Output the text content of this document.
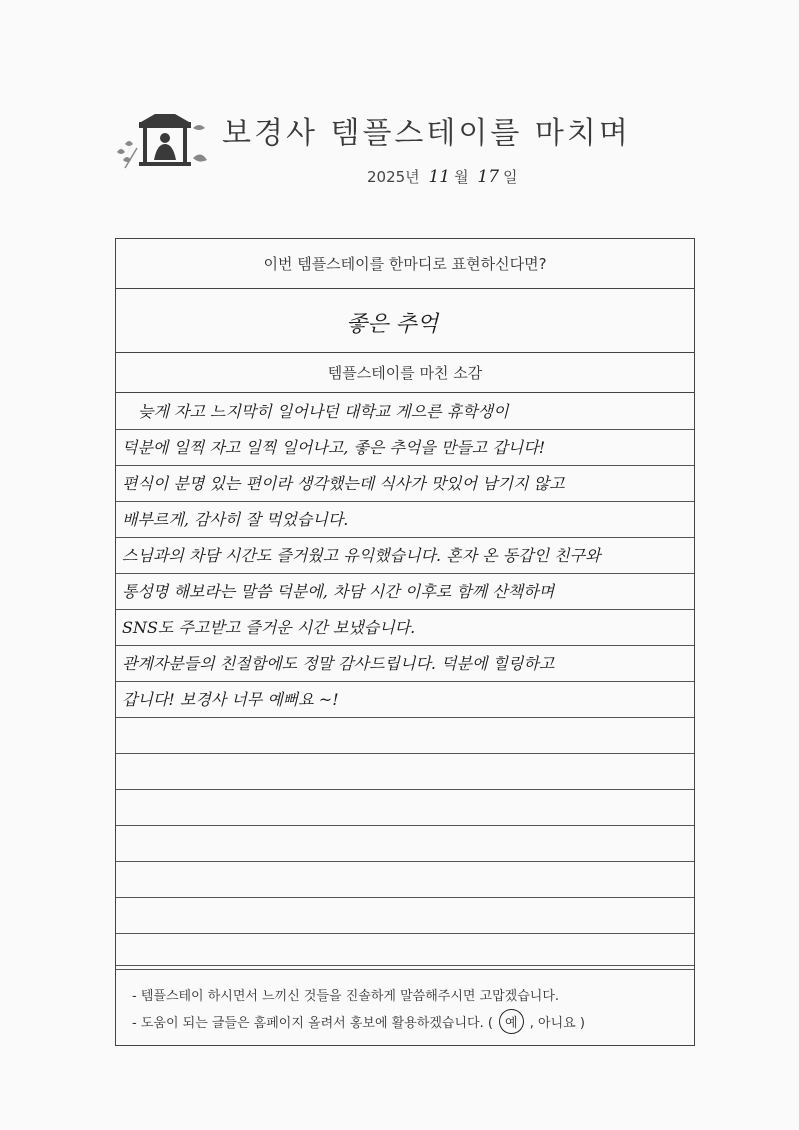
보경사 템플스테이를 마치며
2025년 11 월 17 일
이번 템플스테이를 한마디로 표현하신다면?
좋은 추억
템플스테이를 마친 소감
늦게 자고 느지막히 일어나던 대학교 게으른 휴학생이
덕분에 일찍 자고 일찍 일어나고, 좋은 추억을 만들고 갑니다!
편식이 분명 있는 편이라 생각했는데 식사가 맛있어 남기지 않고
배부르게, 감사히 잘 먹었습니다.
스님과의 차담 시간도 즐거웠고 유익했습니다. 혼자 온 동갑인 친구와
통성명 해보라는 말씀 덕분에, 차담 시간 이후로 함께 산책하며
SNS도 주고받고 즐거운 시간 보냈습니다.
관계자분들의 친절함에도 정말 감사드립니다. 덕분에 힐링하고
갑니다! 보경사 너무 예뻐요 ~!
- 템플스테이 하시면서 느끼신 것들을 진솔하게 말씀해주시면 고맙겠습니다.
- 도움이 되는 글들은 홈페이지 올려서 홍보에 활용하겠습니다. ( 예 , 아니요 )
